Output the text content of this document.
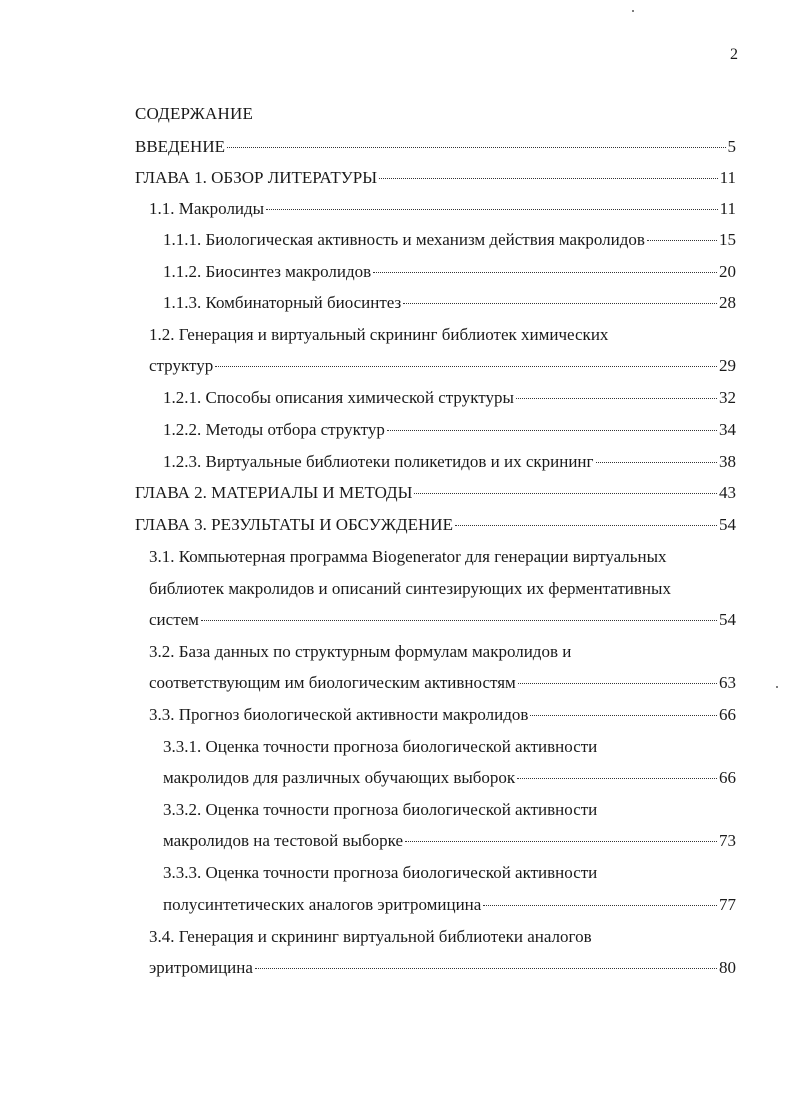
2
СОДЕРЖАНИЕ
ВВЕДЕНИЕ	5
ГЛАВА 1. ОБЗОР ЛИТЕРАТУРЫ	11
1.1. Макролиды	11
1.1.1. Биологическая активность и механизм действия макролидов	15
1.1.2. Биосинтез макролидов	20
1.1.3. Комбинаторный биосинтез	28
1.2. Генерация и виртуальный скрининг библиотек химических
структур	29
1.2.1. Способы описания химической структуры	32
1.2.2. Методы отбора структур	34
1.2.3. Виртуальные библиотеки поликетидов и их скрининг	38
ГЛАВА 2. МАТЕРИАЛЫ И МЕТОДЫ	43
ГЛАВА 3. РЕЗУЛЬТАТЫ И ОБСУЖДЕНИЕ	54
3.1. Компьютерная программа Biogenerator для генерации виртуальных
библиотек макролидов и описаний синтезирующих их ферментативных
систем	54
3.2. База данных по структурным формулам макролидов и
соответствующим им биологическим активностям	63
3.3. Прогноз биологической активности макролидов	66
3.3.1. Оценка точности прогноза биологической активности
макролидов для различных обучающих выборок	66
3.3.2. Оценка точности прогноза биологической активности
макролидов на тестовой выборке	73
3.3.3. Оценка точности прогноза биологической активности
полусинтетических аналогов эритромицина	77
3.4. Генерация и скрининг виртуальной библиотеки аналогов
эритромицина	80
